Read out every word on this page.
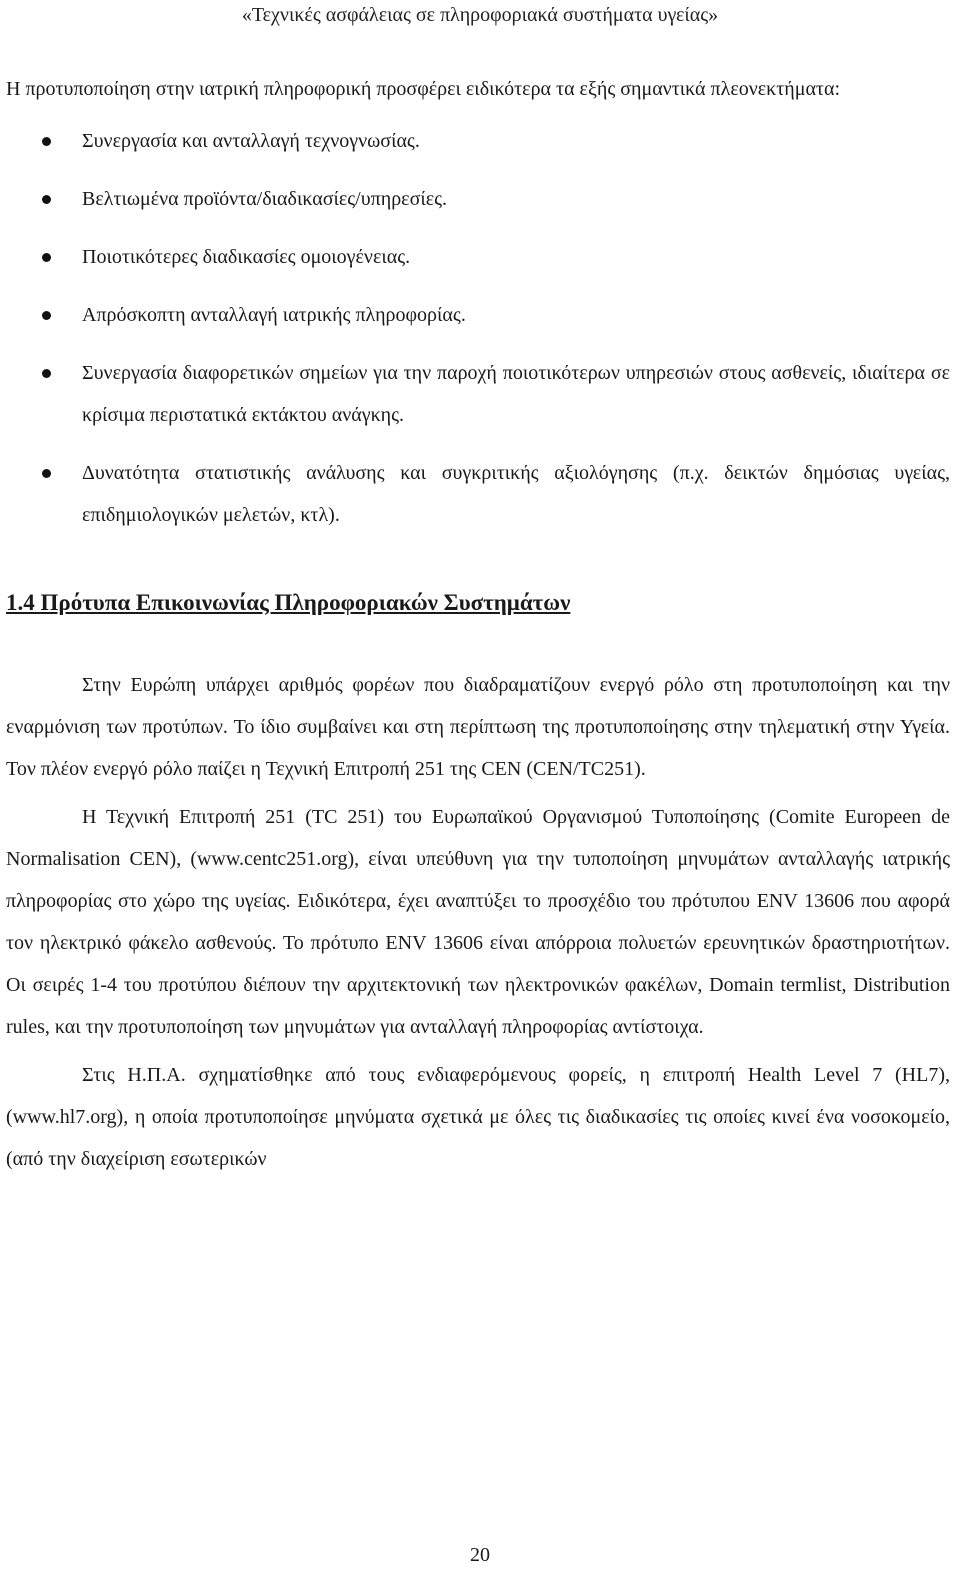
«Τεχνικές ασφάλειας σε πληροφοριακά συστήματα υγείας»

Η προτυποποίηση στην ιατρική πληροφορική προσφέρει ειδικότερα τα εξής σημαντικά πλεονεκτήματα:

Συνεργασία και ανταλλαγή τεχνογνωσίας.
Βελτιωμένα προϊόντα/διαδικασίες/υπηρεσίες.
Ποιοτικότερες διαδικασίες ομοιογένειας.
Απρόσκοπτη ανταλλαγή ιατρικής πληροφορίας.
Συνεργασία διαφορετικών σημείων για την παροχή ποιοτικότερων υπηρεσιών στους ασθενείς, ιδιαίτερα σε κρίσιμα περιστατικά εκτάκτου ανάγκης.
Δυνατότητα στατιστικής ανάλυσης και συγκριτικής αξιολόγησης (π.χ. δεικτών δημόσιας υγείας, επιδημιολογικών μελετών, κτλ).
1.4 Πρότυπα Επικοινωνίας Πληροφοριακών Συστημάτων

Στην Ευρώπη υπάρχει αριθμός φορέων που διαδραματίζουν ενεργό ρόλο στη προτυποποίηση και την εναρμόνιση των προτύπων. Το ίδιο συμβαίνει και στη περίπτωση της προτυποποίησης στην τηλεματική στην Υγεία. Τον πλέον ενεργό ρόλο παίζει η Τεχνική Επιτροπή 251 της CEN (CEN/TC251).

Η Τεχνική Επιτροπή 251 (TC 251) του Ευρωπαϊκού Οργανισμού Τυποποίησης (Comite Europeen de Normalisation CEN), (www.centc251.org), είναι υπεύθυνη για την τυποποίηση μηνυμάτων ανταλλαγής ιατρικής πληροφορίας στο χώρο της υγείας. Ειδικότερα, έχει αναπτύξει το προσχέδιο του πρότυπου ENV 13606 που αφορά τον ηλεκτρικό φάκελο ασθενούς. Το πρότυπο ENV 13606 είναι απόρροια πολυετών ερευνητικών δραστηριοτήτων. Οι σειρές 1-4 του προτύπου διέπουν την αρχιτεκτονική των ηλεκτρονικών φακέλων, Domain termlist, Distribution rules, και την προτυποποίηση των μηνυμάτων για ανταλλαγή πληροφορίας αντίστοιχα.

Στις Η.Π.Α. σχηματίσθηκε από τους ενδιαφερόμενους φορείς, η επιτροπή Health Level 7 (HL7), (www.hl7.org), η οποία προτυποποίησε μηνύματα σχετικά με όλες τις διαδικασίες τις οποίες κινεί ένα νοσοκομείο, (από την διαχείριση εσωτερικών

20
